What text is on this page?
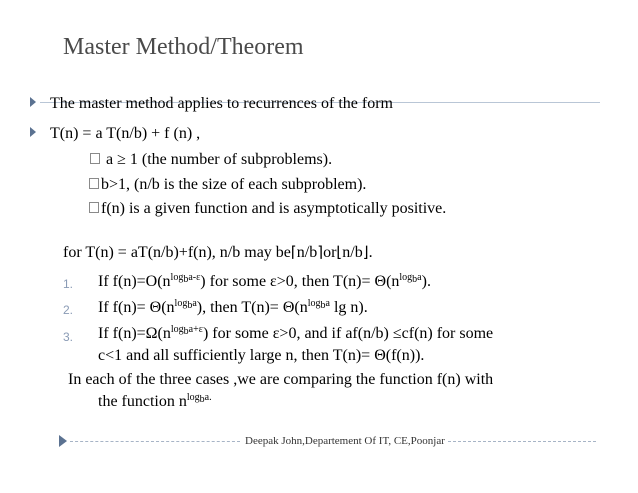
Master Method/Theorem
The master method applies to recurrences of the form
T(n) = a T(n/b) + f (n) ,
a ≥ 1 (the number of subproblems).
b>1, (n/b is the size of each subproblem).
f(n) is a given function and is asymptotically positive.
for T(n) = aT(n/b)+f(n), n/b may be⌈n/b⌉or⌊n/b⌋.
1. If $f(n)=O(n^{log_ba-\varepsilon})$ for some ε>0, then $T(n)= \Theta(n^{log_ba})$.
2. If $f(n)= \Theta(n^{log_ba})$, then $T(n)= \Theta(n^{log_ba}$ lg n).
3. If $f(n)=\Omega(n^{log_ba+\varepsilon})$ for some ε>0, and if af(n/b) ≤cf(n) for some
c<1 and all sufficiently large n, then T(n)= Θ(f(n)).
In each of the three cases ,we are comparing the function f(n) with
the function $n^{log_ba.}$
Deepak John,Departement Of IT, CE,Poonjar
